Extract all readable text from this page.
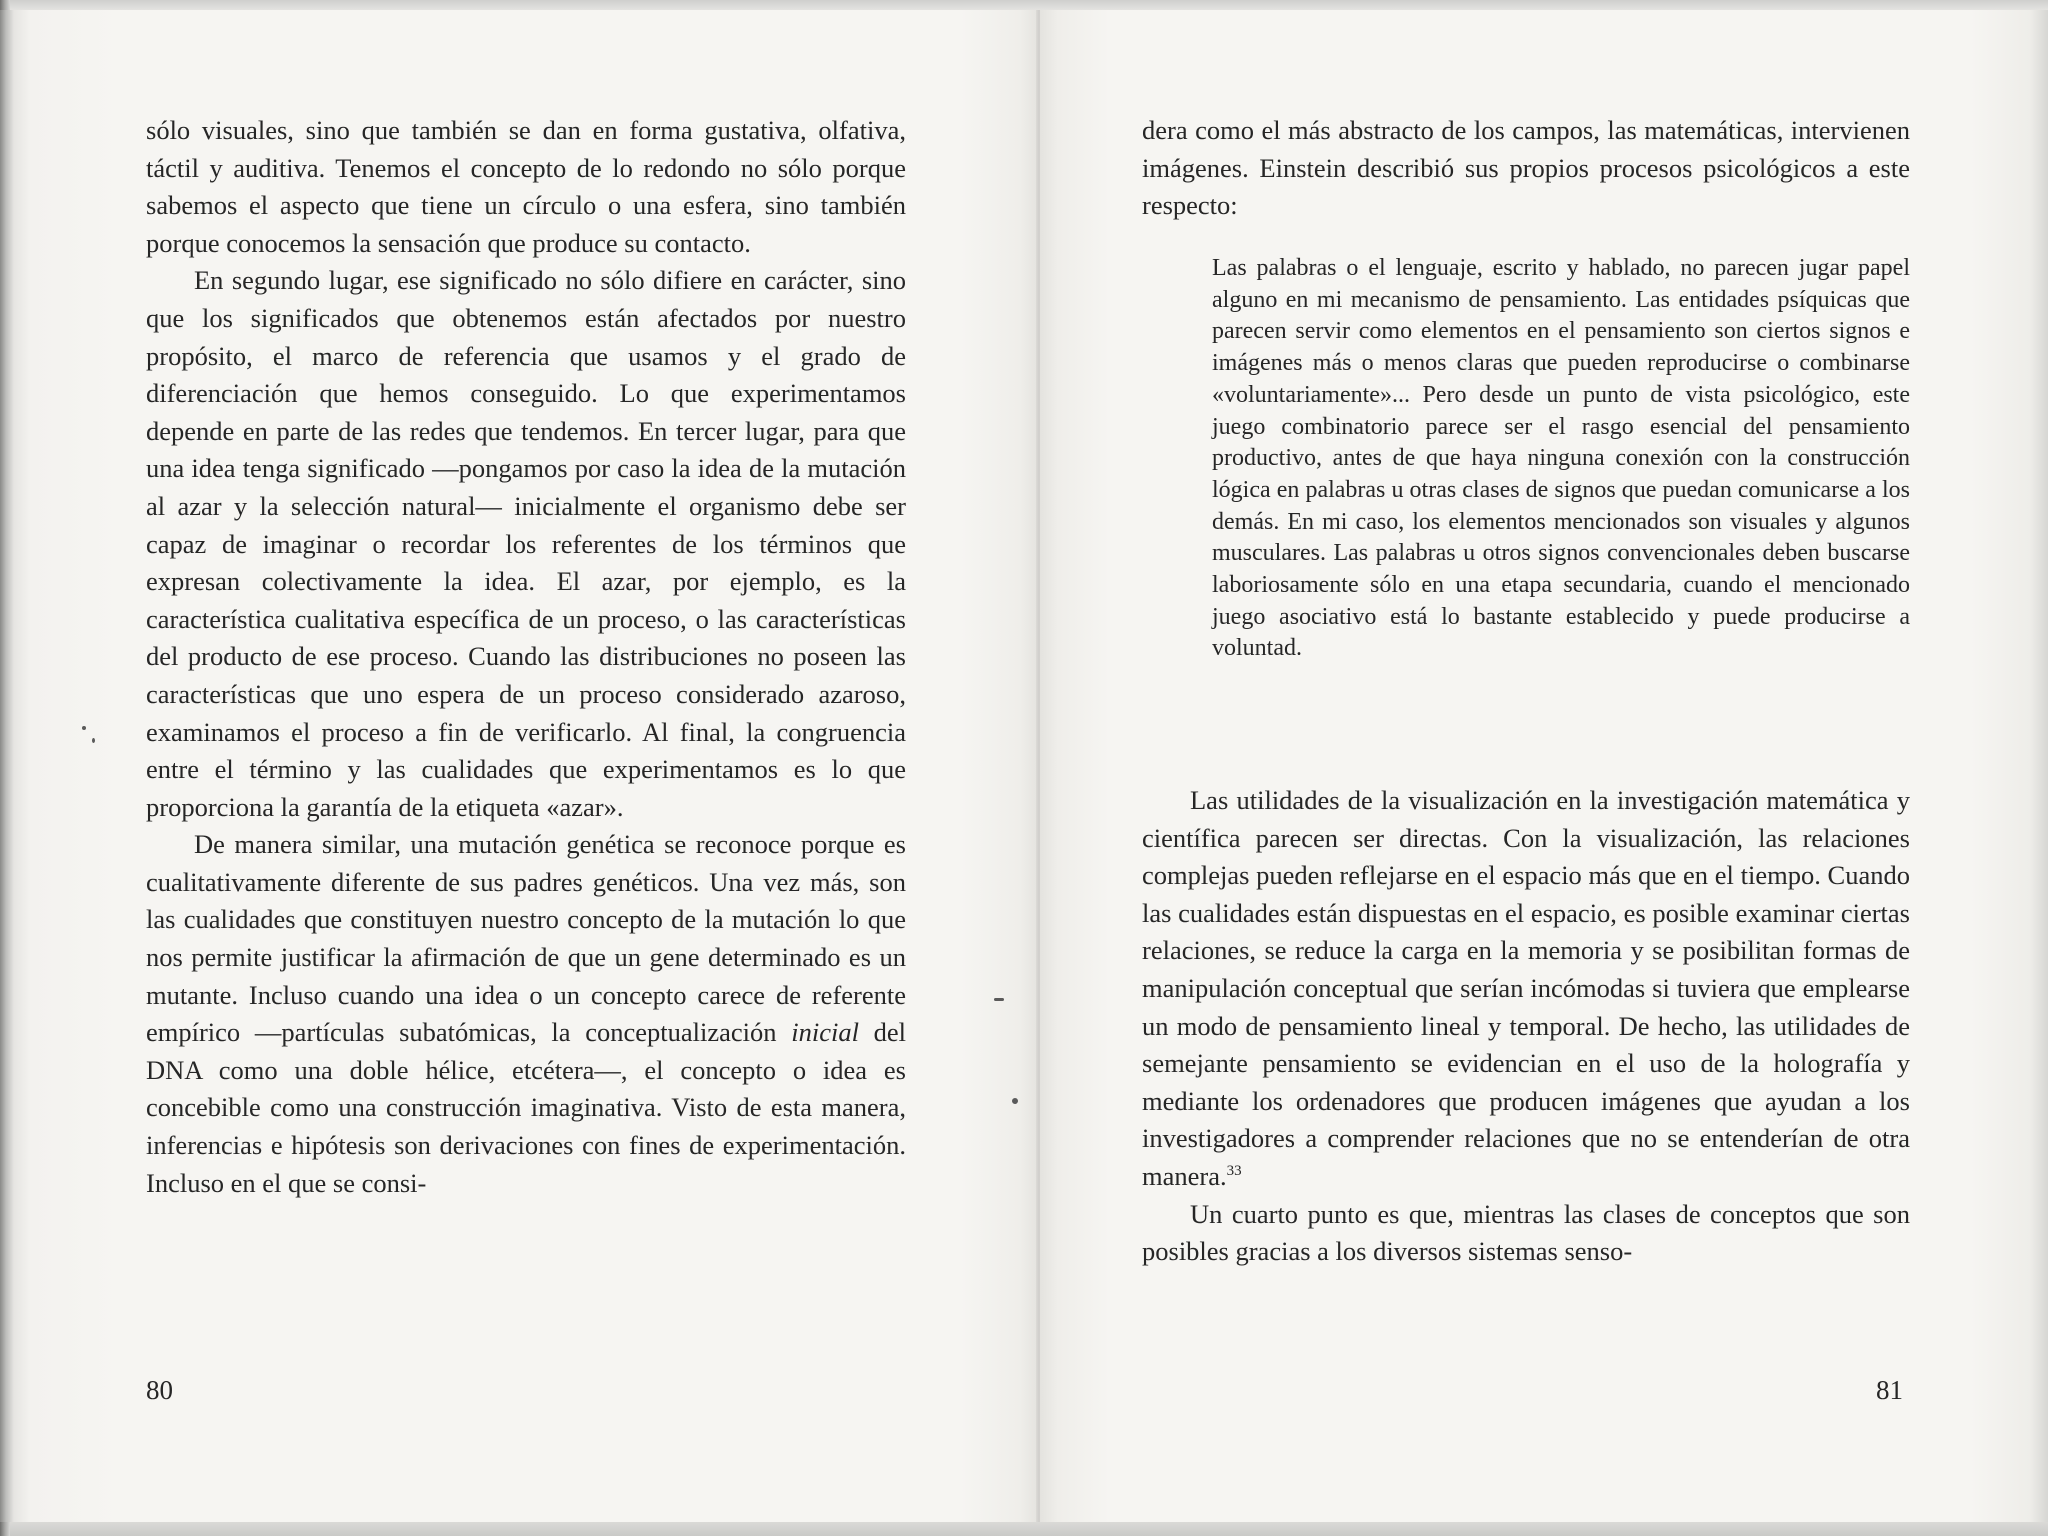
sólo visuales, sino que también se dan en forma gustativa, olfativa, táctil y auditiva. Tenemos el concepto de lo redondo no sólo porque sabemos el aspecto que tiene un círculo o una esfera, sino también porque conocemos la sensación que produce su contacto.

En segundo lugar, ese significado no sólo difiere en carácter, sino que los significados que obtenemos están afectados por nuestro propósito, el marco de referencia que usamos y el grado de diferenciación que hemos conseguido. Lo que experimentamos depende en parte de las redes que tendemos. En tercer lugar, para que una idea tenga significado —pongamos por caso la idea de la mutación al azar y la selección natural— inicialmente el organismo debe ser capaz de imaginar o recordar los referentes de los términos que expresan colectivamente la idea. El azar, por ejemplo, es la característica cualitativa específica de un proceso, o las características del producto de ese proceso. Cuando las distribuciones no poseen las características que uno espera de un proceso considerado azaroso, examinamos el proceso a fin de verificarlo. Al final, la congruencia entre el término y las cualidades que experimentamos es lo que proporciona la garantía de la etiqueta «azar».

De manera similar, una mutación genética se reconoce porque es cualitativamente diferente de sus padres genéticos. Una vez más, son las cualidades que constituyen nuestro concepto de la mutación lo que nos permite justificar la afirmación de que un gene determinado es un mutante. Incluso cuando una idea o un concepto carece de referente empírico —partículas subatómicas, la conceptualización inicial del DNA como una doble hélice, etcétera—, el concepto o idea es concebible como una construcción imaginativa. Visto de esta manera, inferencias e hipótesis son derivaciones con fines de experimentación. Incluso en el que se consi-

80

dera como el más abstracto de los campos, las matemáticas, intervienen imágenes. Einstein describió sus propios procesos psicológicos a este respecto:

Las palabras o el lenguaje, escrito y hablado, no parecen jugar papel alguno en mi mecanismo de pensamiento. Las entidades psíquicas que parecen servir como elementos en el pensamiento son ciertos signos e imágenes más o menos claras que pueden reproducirse o combinarse «voluntariamente»... Pero desde un punto de vista psicológico, este juego combinatorio parece ser el rasgo esencial del pensamiento productivo, antes de que haya ninguna conexión con la construcción lógica en palabras u otras clases de signos que puedan comunicarse a los demás. En mi caso, los elementos mencionados son visuales y algunos musculares. Las palabras u otros signos convencionales deben buscarse laboriosamente sólo en una etapa secundaria, cuando el mencionado juego asociativo está lo bastante establecido y puede producirse a voluntad.

Las utilidades de la visualización en la investigación matemática y científica parecen ser directas. Con la visualización, las relaciones complejas pueden reflejarse en el espacio más que en el tiempo. Cuando las cualidades están dispuestas en el espacio, es posible examinar ciertas relaciones, se reduce la carga en la memoria y se posibilitan formas de manipulación conceptual que serían incómodas si tuviera que emplearse un modo de pensamiento lineal y temporal. De hecho, las utilidades de semejante pensamiento se evidencian en el uso de la holografía y mediante los ordenadores que producen imágenes que ayudan a los investigadores a comprender relaciones que no se entenderían de otra manera.$^{33}$

Un cuarto punto es que, mientras las clases de conceptos que son posibles gracias a los diversos sistemas senso-

81
